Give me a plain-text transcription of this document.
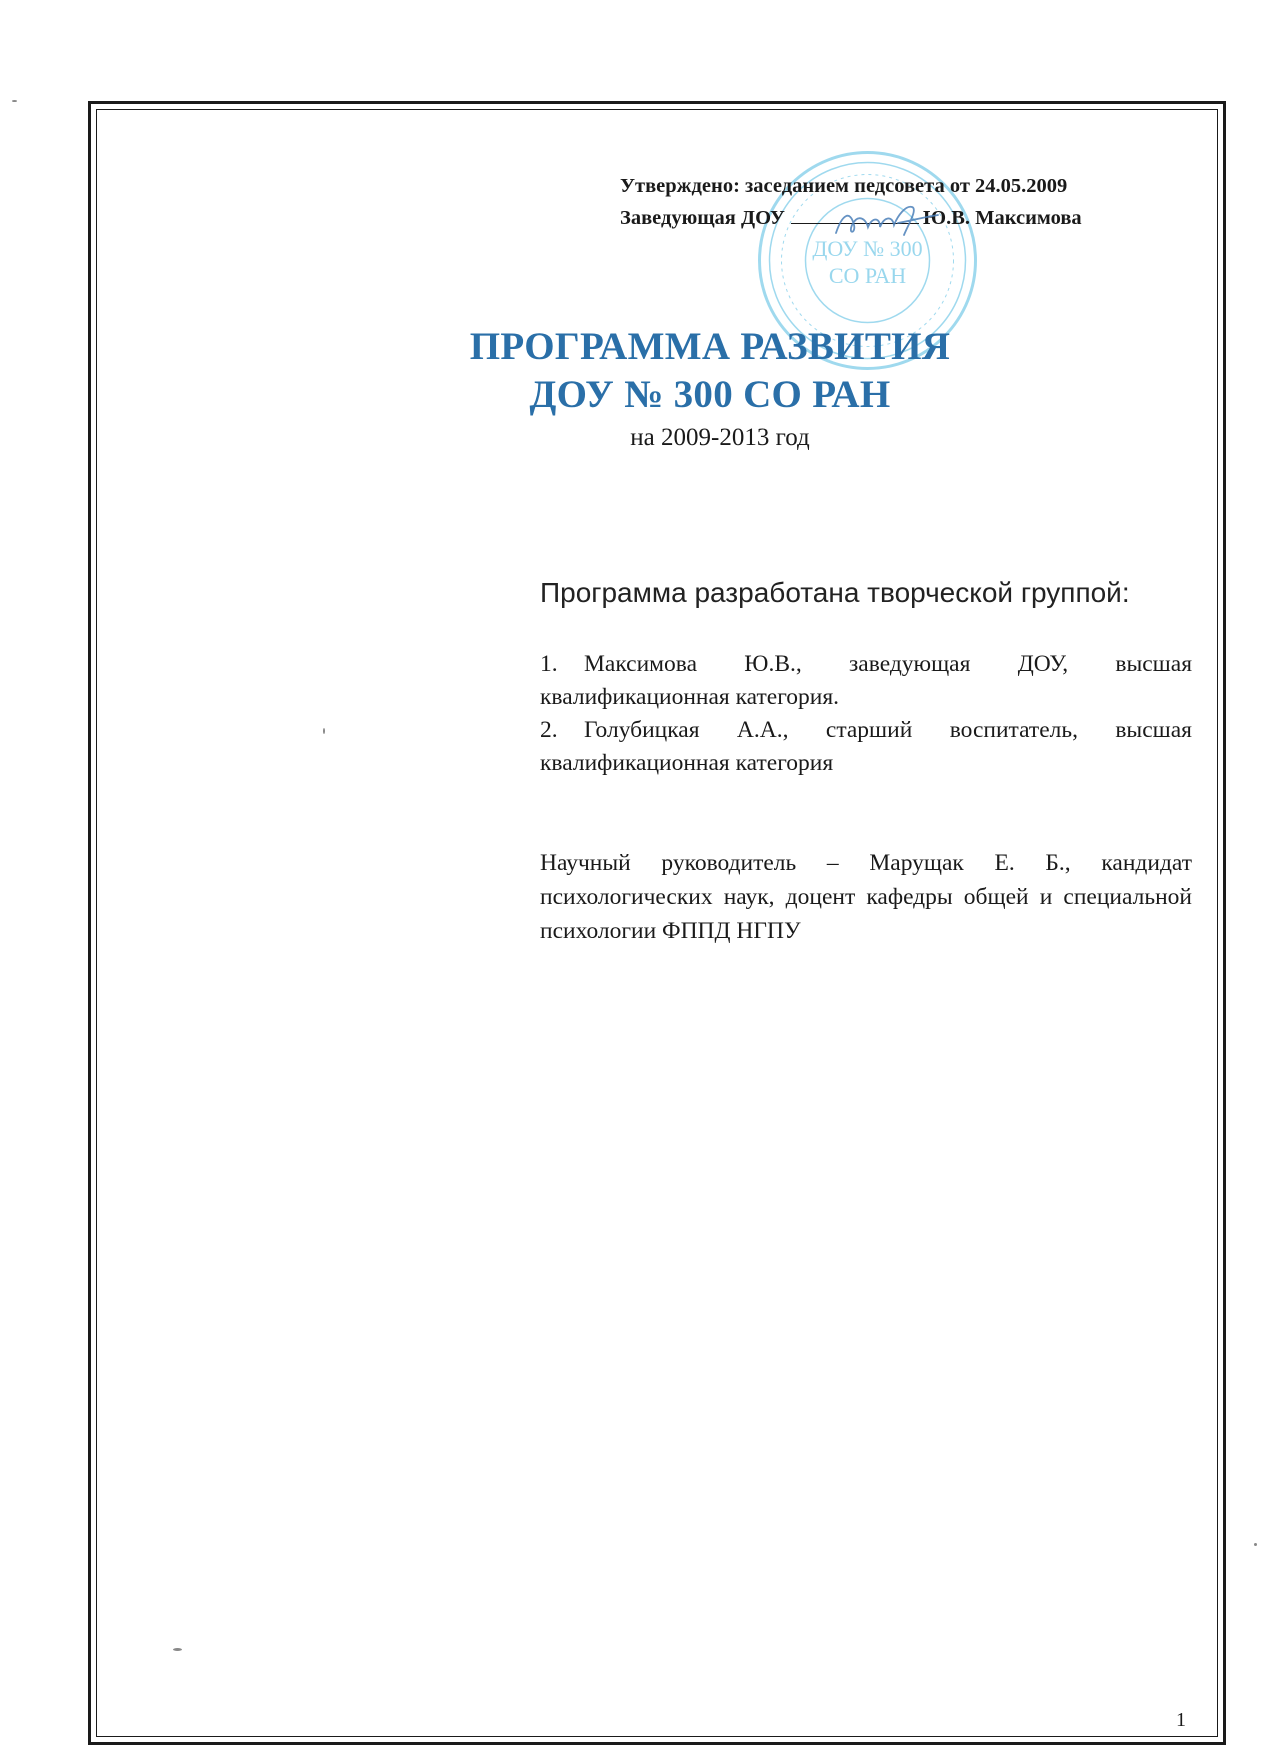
ДОУ № 300
СО РАН
Утверждено: заседанием педсовета от 24.05.2009
Заведующая ДОУ	Ю.В. Максимова
ПРОГРАММА РАЗВИТИЯ
ДОУ № 300 СО РАН
на 2009-2013 год
Программа разработана творческой группой:
1. Максимова Ю.В., заведующая ДОУ, высшая квалификационная категория.
2. Голубицкая А.А., старший воспитатель, высшая квалификационная категория
Научный руководитель – Марущак Е. Б., кандидат психологических наук, доцент кафедры общей и специальной психологии ФППД НГПУ
1
